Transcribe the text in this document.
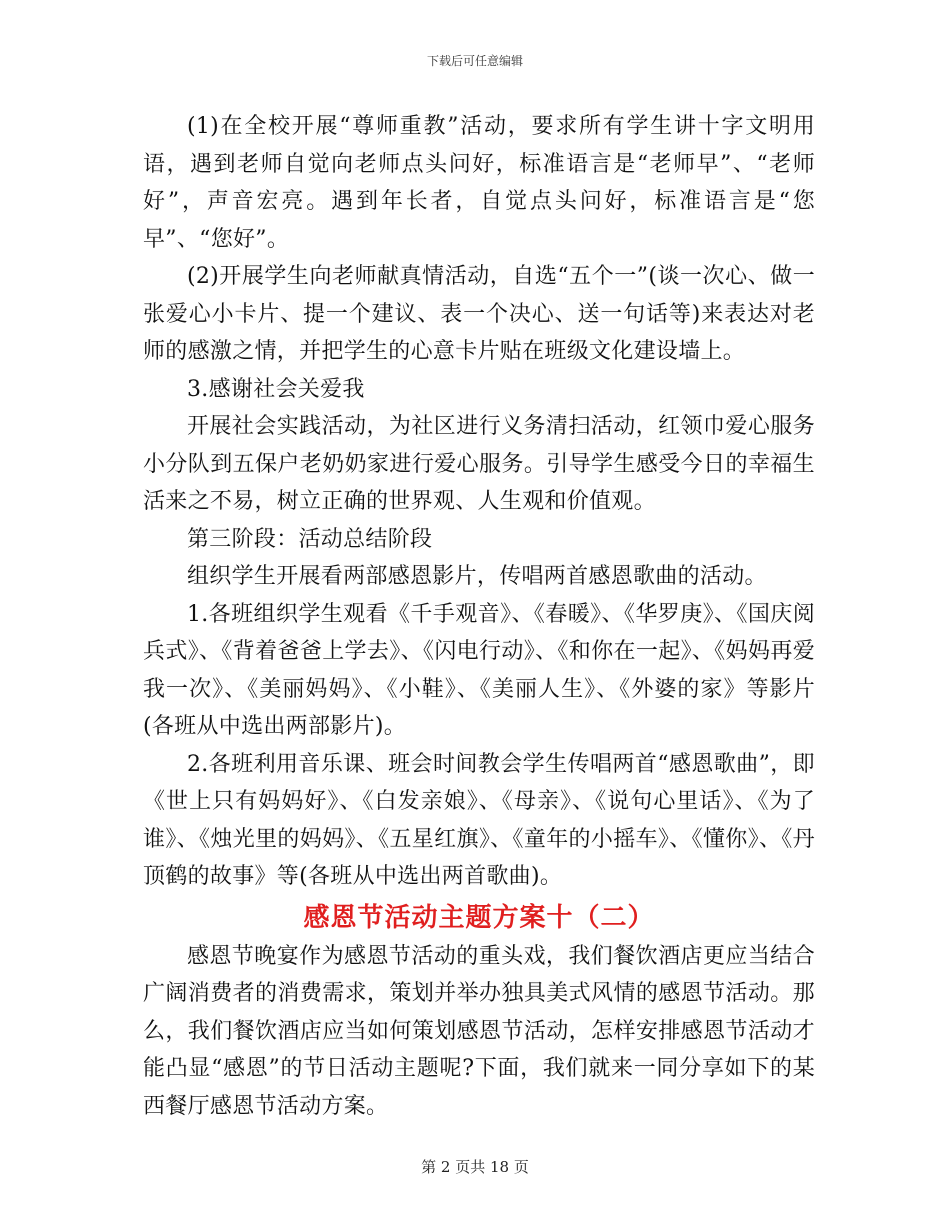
下载后可任意编辑

(1)在全校开展“尊师重教”活动，要求所有学生讲十字文明用语，遇到老师自觉向老师点头问好，标准语言是“老师早”、“老师好”，声音宏亮。遇到年长者，自觉点头问好，标准语言是“您早”、“您好”。

(2)开展学生向老师献真情活动，自选“五个一”(谈一次心、做一张爱心小卡片、提一个建议、表一个决心、送一句话等)来表达对老师的感激之情，并把学生的心意卡片贴在班级文化建设墙上。

3.感谢社会关爱我

开展社会实践活动，为社区进行义务清扫活动，红领巾爱心服务小分队到五保户老奶奶家进行爱心服务。引导学生感受今日的幸福生活来之不易，树立正确的世界观、人生观和价值观。

第三阶段：活动总结阶段

组织学生开展看两部感恩影片，传唱两首感恩歌曲的活动。

1.各班组织学生观看《千手观音》、《春暖》、《华罗庚》、《国庆阅兵式》、《背着爸爸上学去》、《闪电行动》、《和你在一起》、《妈妈再爱我一次》、《美丽妈妈》、《小鞋》、《美丽人生》、《外婆的家》等影片(各班从中选出两部影片)。

2.各班利用音乐课、班会时间教会学生传唱两首“感恩歌曲”，即《世上只有妈妈好》、《白发亲娘》、《母亲》、《说句心里话》、《为了谁》、《烛光里的妈妈》、《五星红旗》、《童年的小摇车》、《懂你》、《丹顶鹤的故事》等(各班从中选出两首歌曲)。

感恩节活动主题方案十（二）

感恩节晚宴作为感恩节活动的重头戏，我们餐饮酒店更应当结合广阔消费者的消费需求，策划并举办独具美式风情的感恩节活动。那么，我们餐饮酒店应当如何策划感恩节活动，怎样安排感恩节活动才能凸显“感恩”的节日活动主题呢?下面，我们就来一同分享如下的某西餐厅感恩节活动方案。

第 2 页共 18 页
